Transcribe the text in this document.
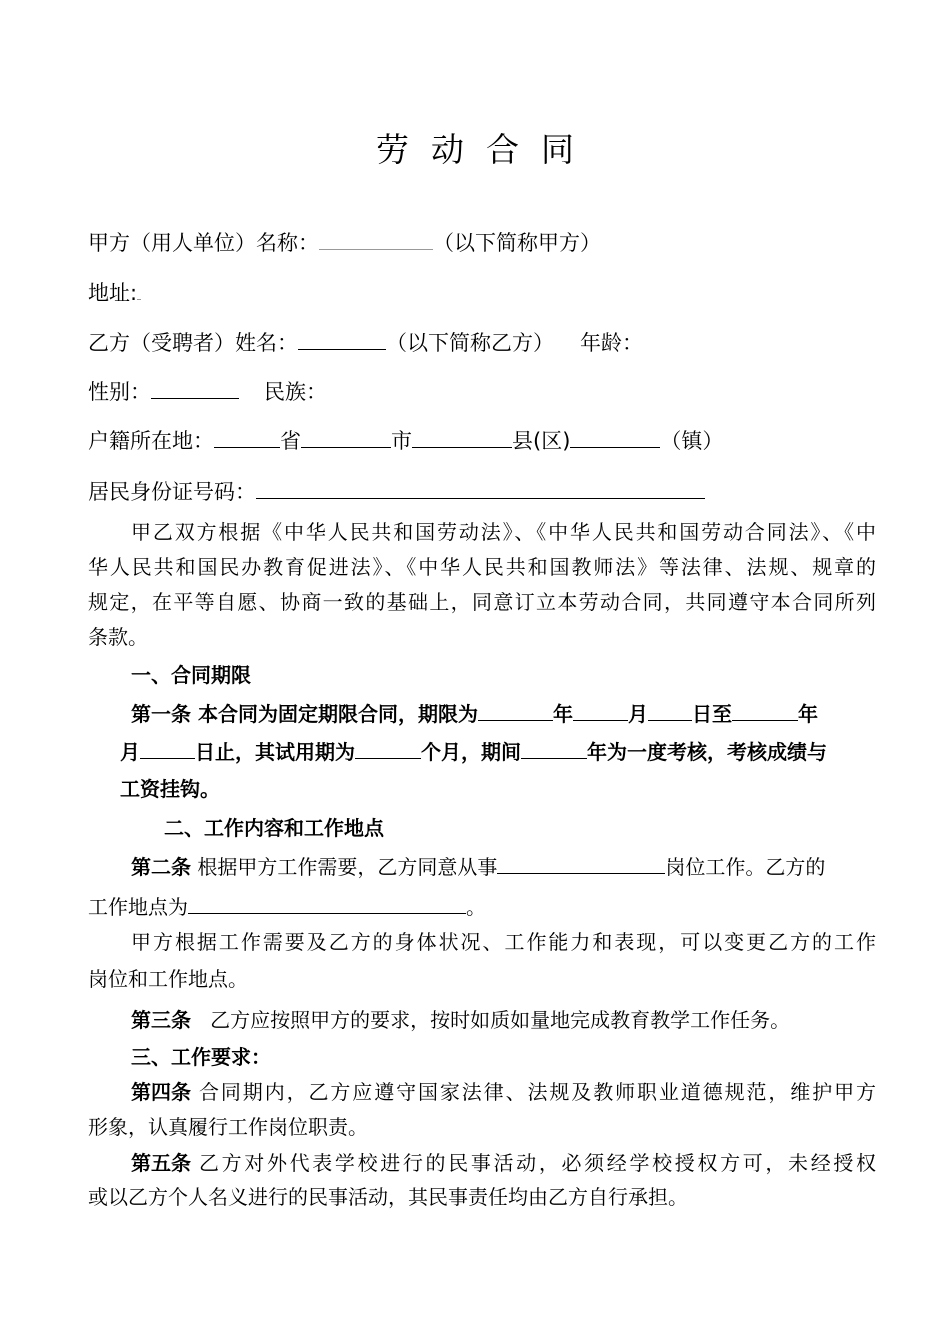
劳动合同
甲方（用人单位）名称：	（以下简称甲方）
地址:
乙方（受聘者）姓名：	（以下简称乙方） 年龄：
性别：	民族：
户籍所在地：	省	市	县(区)	（镇）
居民身份证号码：
甲乙双方根据《中华人民共和国劳动法》、《中华人民共和国劳动合同法》、《中
华人民共和国民办教育促进法》、《中华人民共和国教师法》等法律、法规、规章的
规定，在平等自愿、协商一致的基础上，同意订立本劳动合同，共同遵守本合同所列
条款。
一、合同期限
第一条 本合同为固定期限合同，期限为	年	月 日至	年
月	日止，其试用期为	个月，期间	年为一度考核，考核成绩与
工资挂钩。
二、工作内容和工作地点
第二条 根据甲方工作需要，乙方同意从事	岗位工作。乙方的
工作地点为	。
甲方根据工作需要及乙方的身体状况、工作能力和表现，可以变更乙方的工作
岗位和工作地点。
第三条 乙方应按照甲方的要求，按时如质如量地完成教育教学工作任务。
三、工作要求：
第四条 合同期内，乙方应遵守国家法律、法规及教师职业道德规范，维护甲方
形象，认真履行工作岗位职责。
第五条 乙方对外代表学校进行的民事活动，必须经学校授权方可，未经授权
或以乙方个人名义进行的民事活动，其民事责任均由乙方自行承担。
